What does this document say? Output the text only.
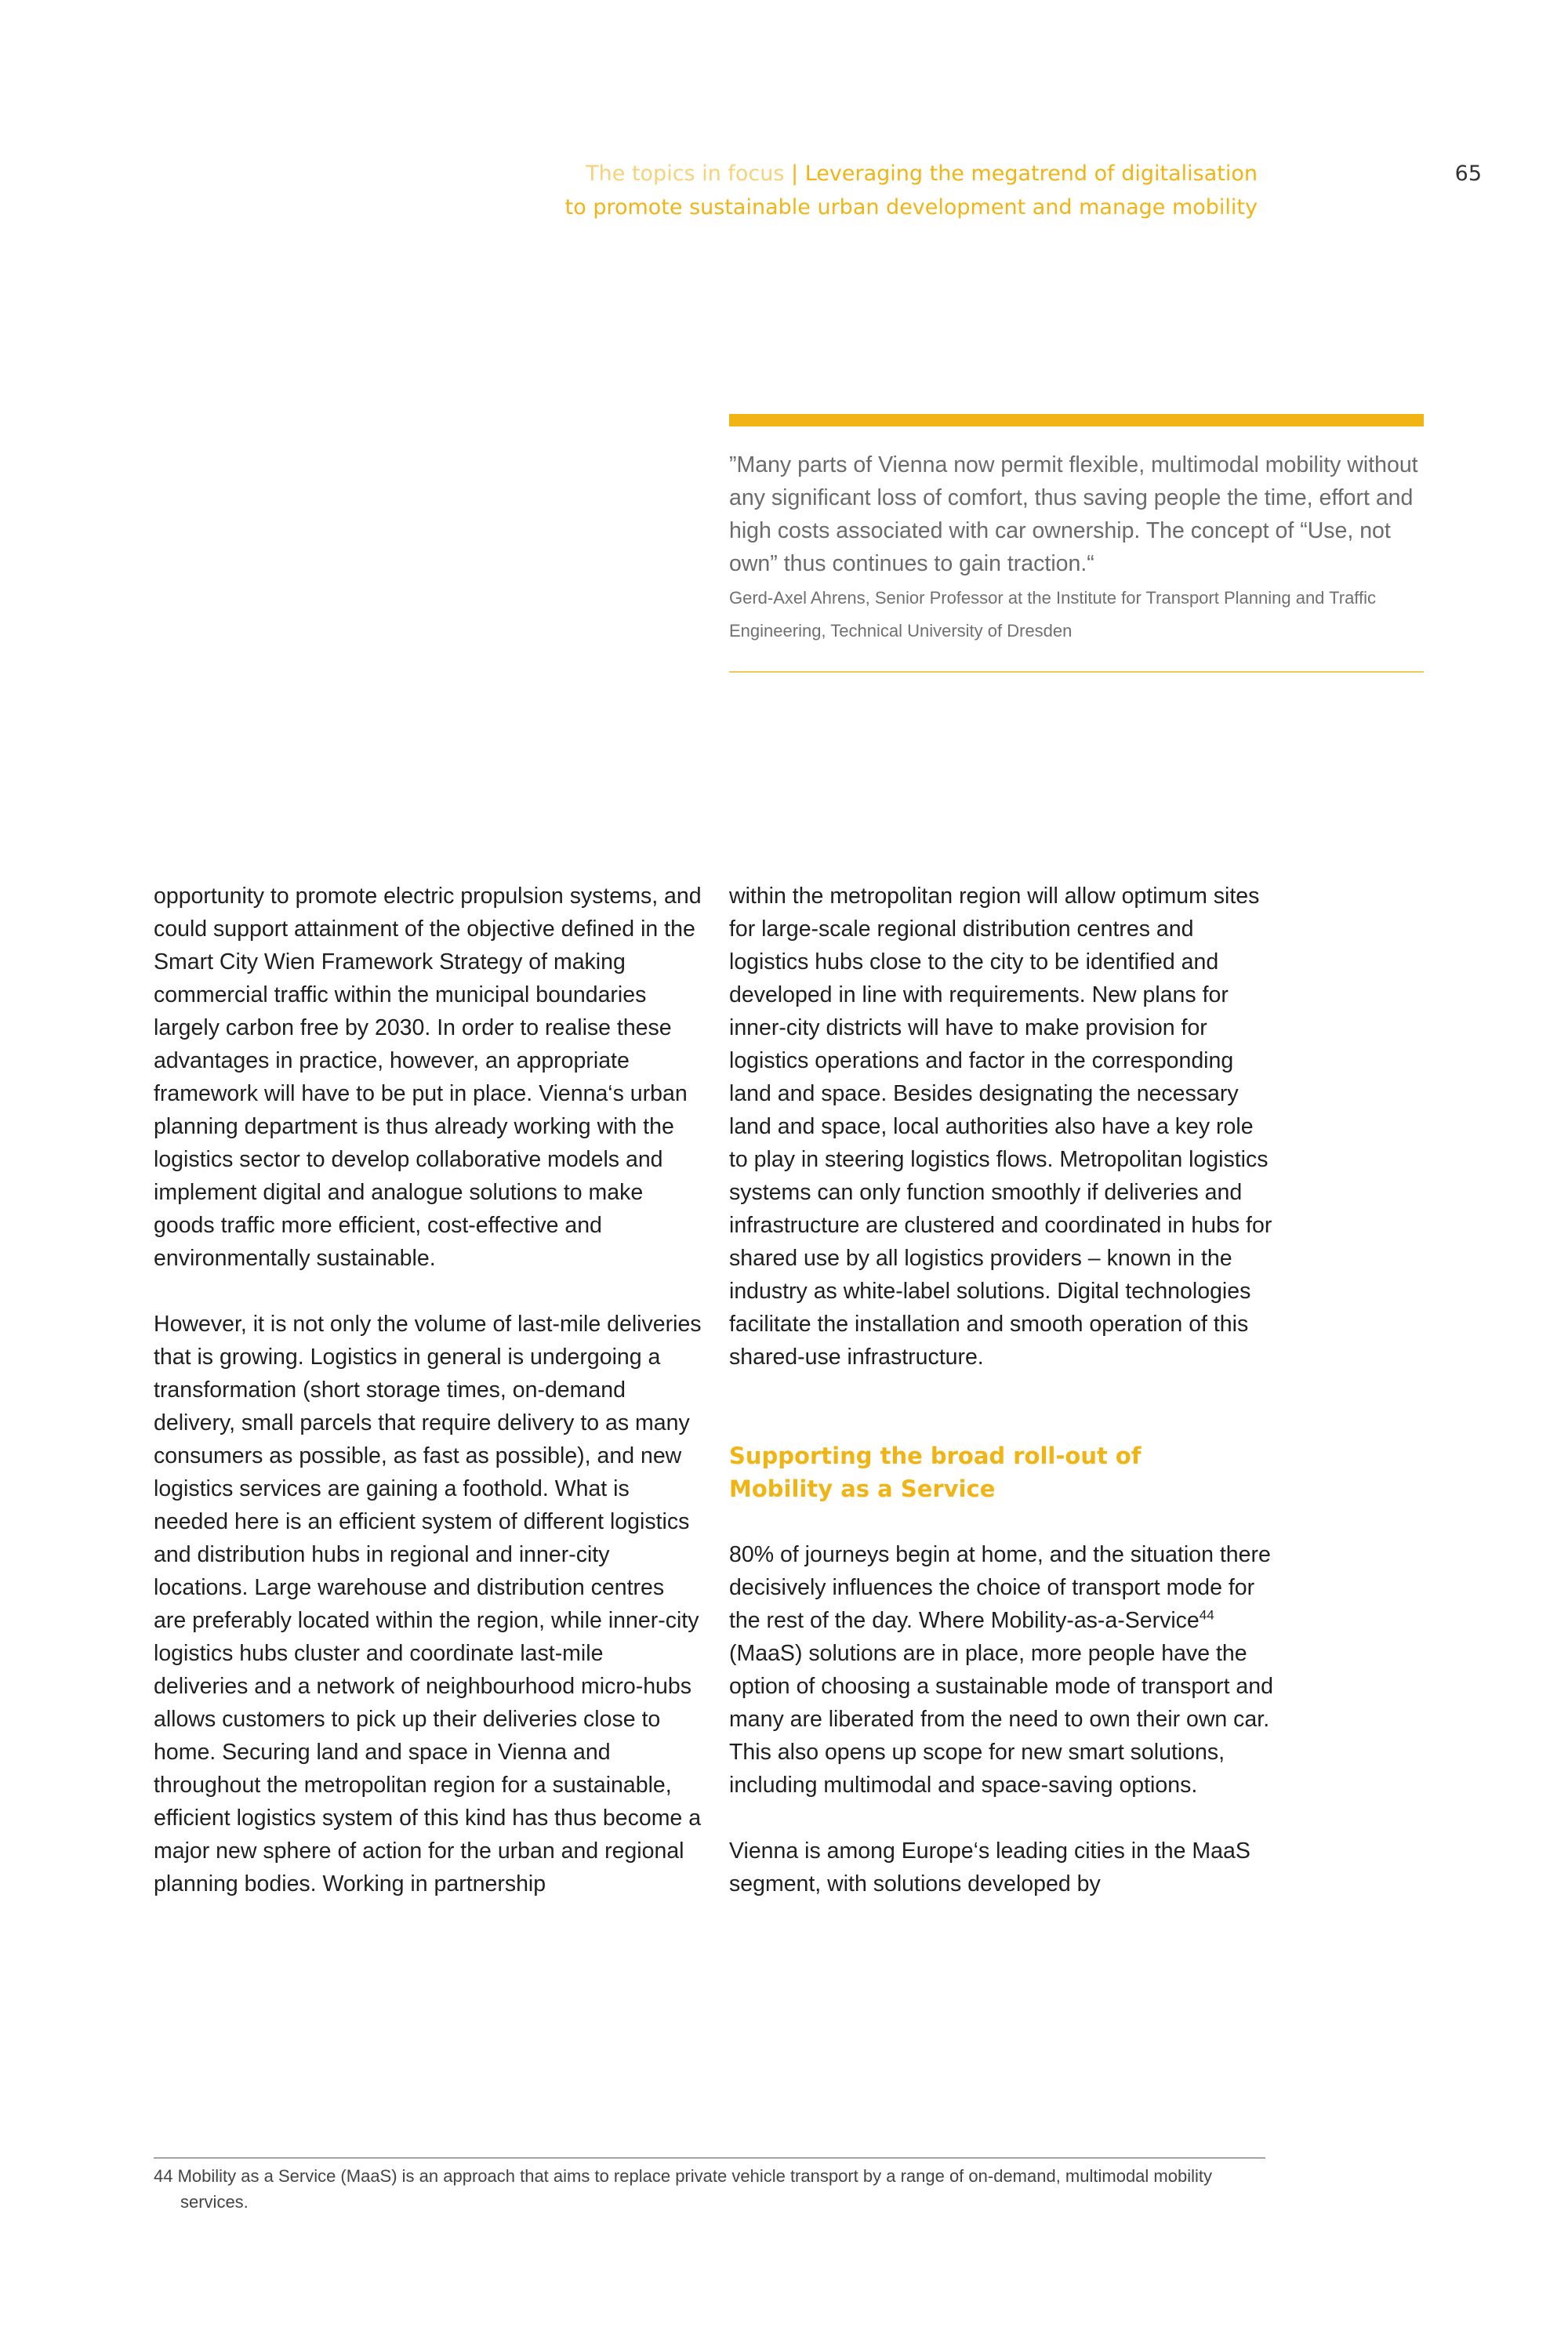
The topics in focus | Leveraging the megatrend of digitalisation
to promote sustainable urban development and manage mobility
65

”Many parts of Vienna now permit flexible, multimodal mobility without any significant loss of comfort, thus saving people the time, effort and high costs associated with car ownership. The concept of “Use, not own” thus continues to gain traction.“

Gerd-Axel Ahrens, Senior Professor at the Institute for Transport Planning and Traffic Engineering, Technical University of Dresden

opportunity to promote electric propulsion systems, and could support attainment of the objective defined in the Smart City Wien Framework Strategy of making commercial traffic within the municipal boundaries largely carbon free by 2030. In order to realise these advantages in practice, however, an appropriate framework will have to be put in place. Vienna‘s urban planning department is thus already working with the logistics sector to develop collaborative models and implement digital and analogue solutions to make goods traffic more efficient, cost-effective and environmentally sustainable.

However, it is not only the volume of last-mile deliveries that is growing. Logistics in general is undergoing a transformation (short storage times, on-demand delivery, small parcels that require delivery to as many consumers as possible, as fast as possible), and new logistics services are gaining a foothold. What is needed here is an efficient system of different logistics and distribution hubs in regional and inner-city locations. Large warehouse and distribution centres are preferably located within the region, while inner-city logistics hubs cluster and coordinate last-mile deliveries and a network of neighbourhood micro-hubs allows customers to pick up their deliveries close to home. Securing land and space in Vienna and throughout the metropolitan region for a sustainable, efficient logistics system of this kind has thus become a major new sphere of action for the urban and regional planning bodies. Working in partnership

within the metropolitan region will allow optimum sites for large-scale regional distribution centres and logistics hubs close to the city to be identified and developed in line with requirements. New plans for inner-city districts will have to make provision for logistics operations and factor in the corresponding land and space. Besides designating the necessary land and space, local authorities also have a key role to play in steering logistics flows. Metropolitan logistics systems can only function smoothly if deliveries and infrastructure are clustered and coordinated in hubs for shared use by all logistics providers – known in the industry as white-label solutions. Digital technologies facilitate the installation and smooth operation of this shared-use infrastructure.

Supporting the broad roll-out of
Mobility as a Service

80% of journeys begin at home, and the situation there decisively influences the choice of transport mode for the rest of the day. Where Mobility-as-a-Service$^{44}$ (MaaS) solutions are in place, more people have the option of choosing a sustainable mode of transport and many are liberated from the need to own their own car. This also opens up scope for new smart solutions, including multimodal and space-saving options.

Vienna is among Europe‘s leading cities in the MaaS segment, with solutions developed by

44 Mobility as a Service (MaaS) is an approach that aims to replace private vehicle transport by a range of on-demand, multimodal mobility services.
